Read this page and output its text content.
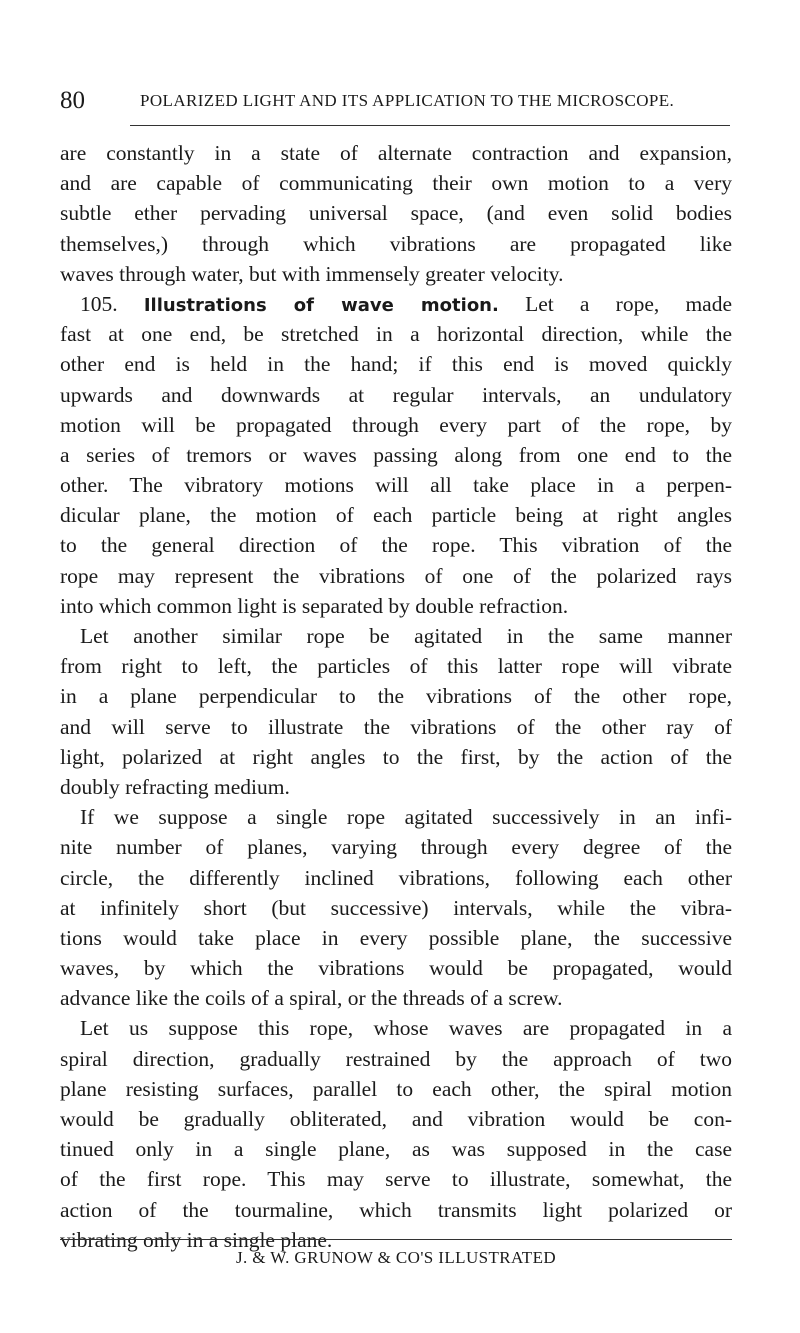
80	POLARIZED LIGHT AND ITS APPLICATION TO THE MICROSCOPE.
are constantly in a state of alternate contraction and expansion,
and are capable of communicating their own motion to a very
subtle ether pervading universal space, (and even solid bodies
themselves,) through which vibrations are propagated like
waves through water, but with immensely greater velocity.
105. Illustrations of wave motion. Let a rope, made
fast at one end, be stretched in a horizontal direction, while the
other end is held in the hand; if this end is moved quickly
upwards and downwards at regular intervals, an undulatory
motion will be propagated through every part of the rope, by
a series of tremors or waves passing along from one end to the
other. The vibratory motions will all take place in a perpen-
dicular plane, the motion of each particle being at right angles
to the general direction of the rope. This vibration of the
rope may represent the vibrations of one of the polarized rays
into which common light is separated by double refraction.
Let another similar rope be agitated in the same manner
from right to left, the particles of this latter rope will vibrate
in a plane perpendicular to the vibrations of the other rope,
and will serve to illustrate the vibrations of the other ray of
light, polarized at right angles to the first, by the action of the
doubly refracting medium.
If we suppose a single rope agitated successively in an infi-
nite number of planes, varying through every degree of the
circle, the differently inclined vibrations, following each other
at infinitely short (but successive) intervals, while the vibra-
tions would take place in every possible plane, the successive
waves, by which the vibrations would be propagated, would
advance like the coils of a spiral, or the threads of a screw.
Let us suppose this rope, whose waves are propagated in a
spiral direction, gradually restrained by the approach of two
plane resisting surfaces, parallel to each other, the spiral motion
would be gradually obliterated, and vibration would be con-
tinued only in a single plane, as was supposed in the case
of the first rope. This may serve to illustrate, somewhat, the
action of the tourmaline, which transmits light polarized or
vibrating only in a single plane.
J. & W. GRUNOW & CO'S ILLUSTRATED
